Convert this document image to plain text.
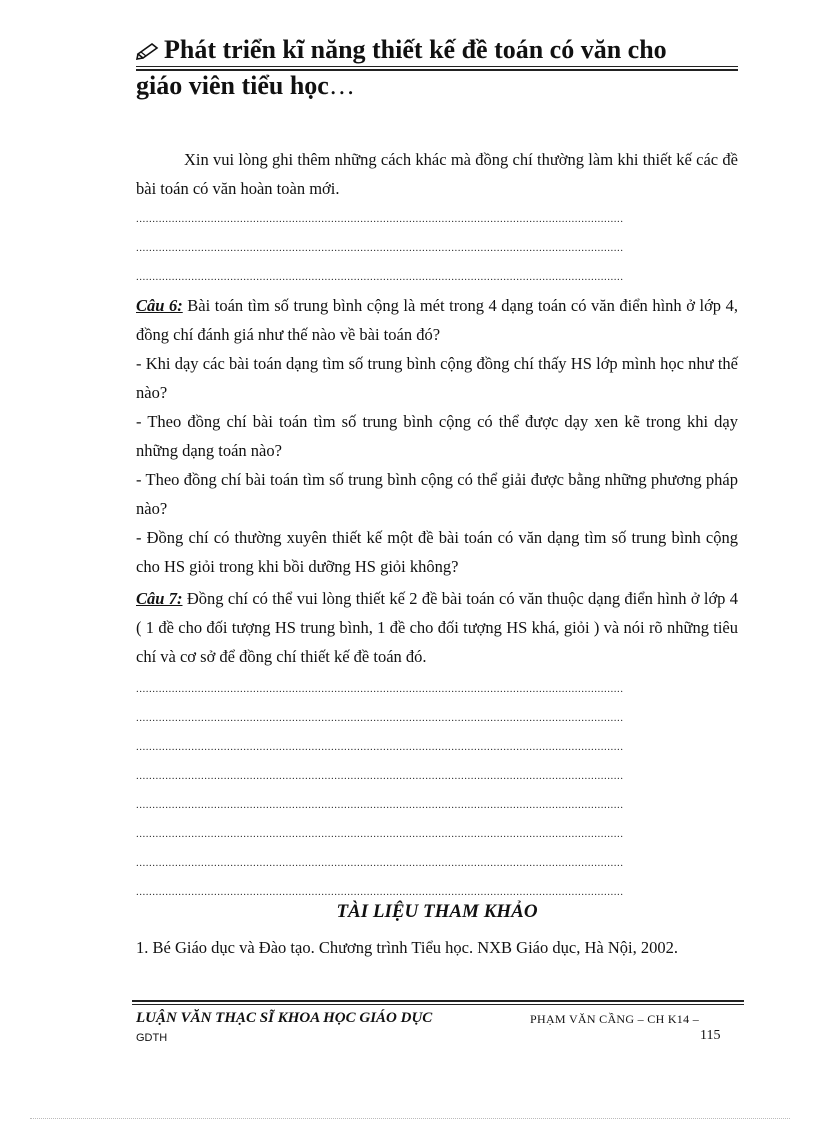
Phát triển kĩ năng thiết kế đề toán có văn cho
giáo viên tiểu học…

Xin vui lòng ghi thêm những cách khác mà đồng chí thường làm khi thiết kế các đề bài toán có văn hoàn toàn mới.

......................................................................................................................................................
......................................................................................................................................................
......................................................................................................................................................
Câu 6: Bài toán tìm số trung bình cộng là mét trong 4 dạng toán có văn điển hình ở lớp 4, đồng chí đánh giá như thế nào về bài toán đó?
- Khi dạy các bài toán dạng tìm số trung bình cộng đồng chí thấy HS lớp mình học như thế nào?
- Theo đồng chí bài toán tìm số trung bình cộng có thể được dạy xen kẽ trong khi dạy những dạng toán nào?
- Theo đồng chí bài toán tìm số trung bình cộng có thể giải được bằng những phương pháp nào?
- Đồng chí có thường xuyên thiết kế một đề bài toán có văn dạng tìm số trung bình cộng cho HS giỏi trong khi bồi dưỡng HS giỏi không?
Câu 7: Đồng chí có thể vui lòng thiết kế 2 đề bài toán có văn thuộc dạng điển hình ở lớp 4 ( 1 đề cho đối tượng HS trung bình, 1 đề cho đối tượng HS khá, giỏi ) và nói rõ những tiêu chí và cơ sở để đồng chí thiết kế đề toán đó.
......................................................................................................................................................
......................................................................................................................................................
......................................................................................................................................................
......................................................................................................................................................
......................................................................................................................................................
......................................................................................................................................................
......................................................................................................................................................
......................................................................................................................................................

TÀI LIỆU THAM KHẢO

1. Bé Giáo dục và Đào tạo. Chương trình Tiểu học. NXB Giáo dục, Hà Nội, 2002.

LUẬN VĂN THẠC SĨ KHOA HỌC GIÁO DỤC	PHẠM VĂN CẦNG – CH K14 –
GDTH	115
